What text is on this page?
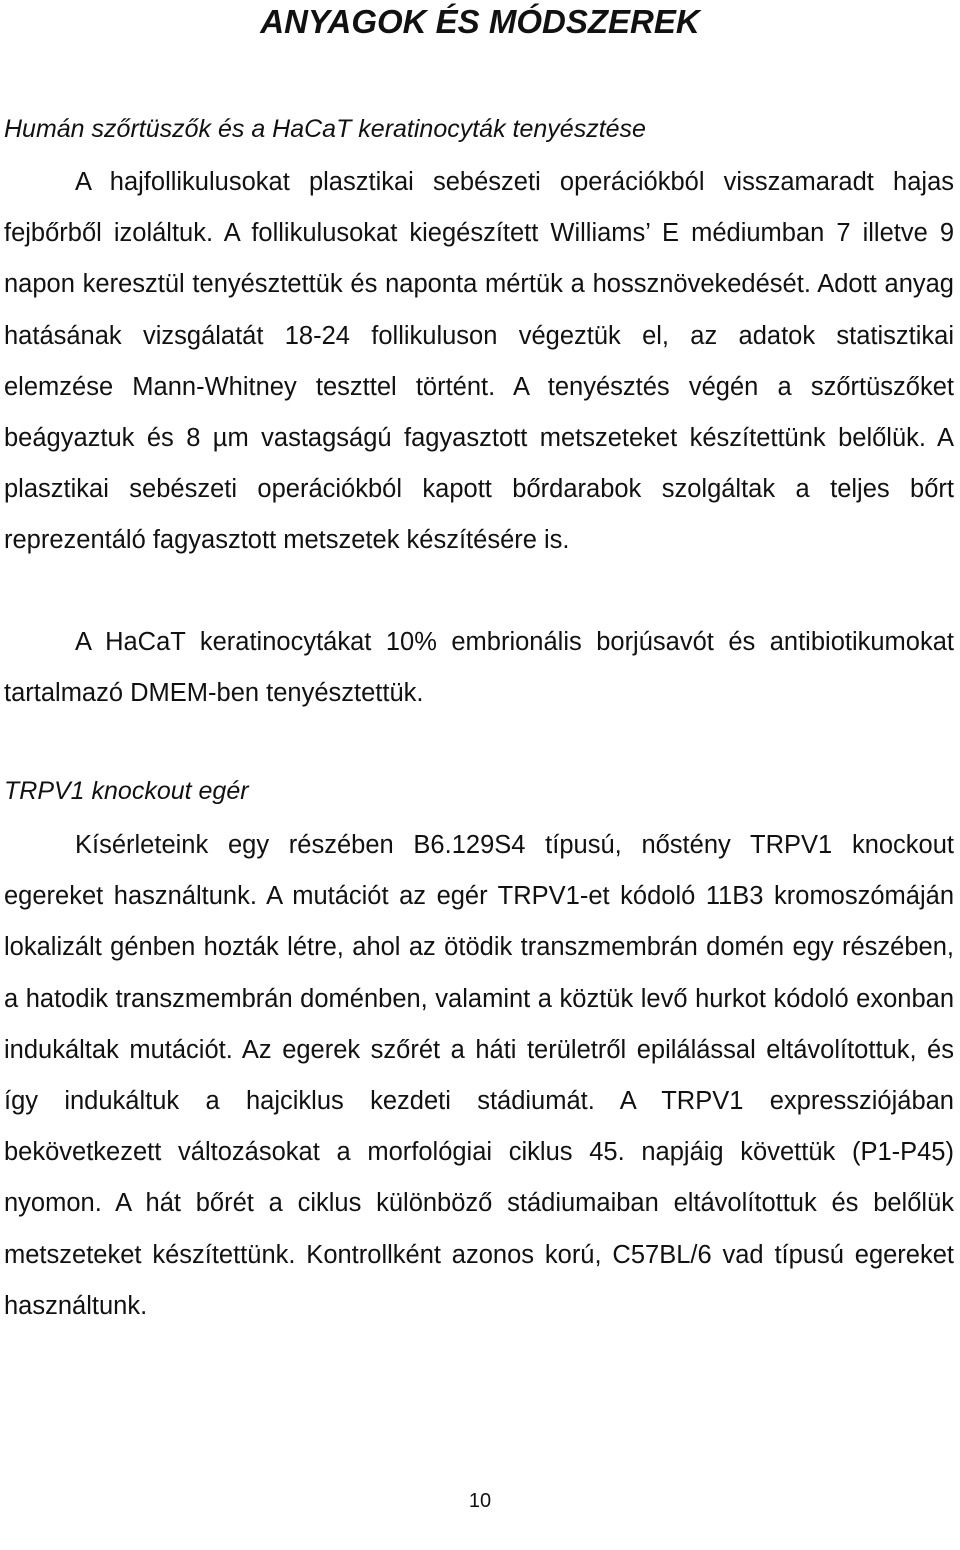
ANYAGOK ÉS MÓDSZEREK
Humán szőrtüszők és a HaCaT keratinocyták tenyésztése

A hajfollikulusokat plasztikai sebészeti operációkból visszamaradt hajas fejbőrből izoláltuk. A follikulusokat kiegészített Williams’ E médiumban 7 illetve 9 napon keresztül tenyésztettük és naponta mértük a hossznövekedését. Adott anyag hatásának vizsgálatát 18-24 follikuluson végeztük el, az adatok statisztikai elemzése Mann-Whitney teszttel történt. A tenyésztés végén a szőrtüszőket beágyaztuk és 8 µm vastagságú fagyasztott metszeteket készítettünk belőlük. A plasztikai sebészeti operációkból kapott bőrdarabok szolgáltak a teljes bőrt reprezentáló fagyasztott metszetek készítésére is.

A HaCaT keratinocytákat 10% embrionális borjúsavót és antibiotikumokat tartalmazó DMEM-ben tenyésztettük.

TRPV1 knockout egér

Kísérleteink egy részében B6.129S4 típusú, nőstény TRPV1 knockout egereket használtunk. A mutációt az egér TRPV1-et kódoló 11B3 kromoszómáján lokalizált génben hozták létre, ahol az ötödik transzmembrán domén egy részében, a hatodik transzmembrán doménben, valamint a köztük levő hurkot kódoló exonban indukáltak mutációt. Az egerek szőrét a háti területről epilálással eltávolítottuk, és így indukáltuk a hajciklus kezdeti stádiumát. A TRPV1 expressziójában bekövetkezett változásokat a morfológiai ciklus 45. napjáig követtük (P1-P45) nyomon. A hát bőrét a ciklus különböző stádiumaiban eltávolítottuk és belőlük metszeteket készítettünk. Kontrollként azonos korú, C57BL/6 vad típusú egereket használtunk.

10
